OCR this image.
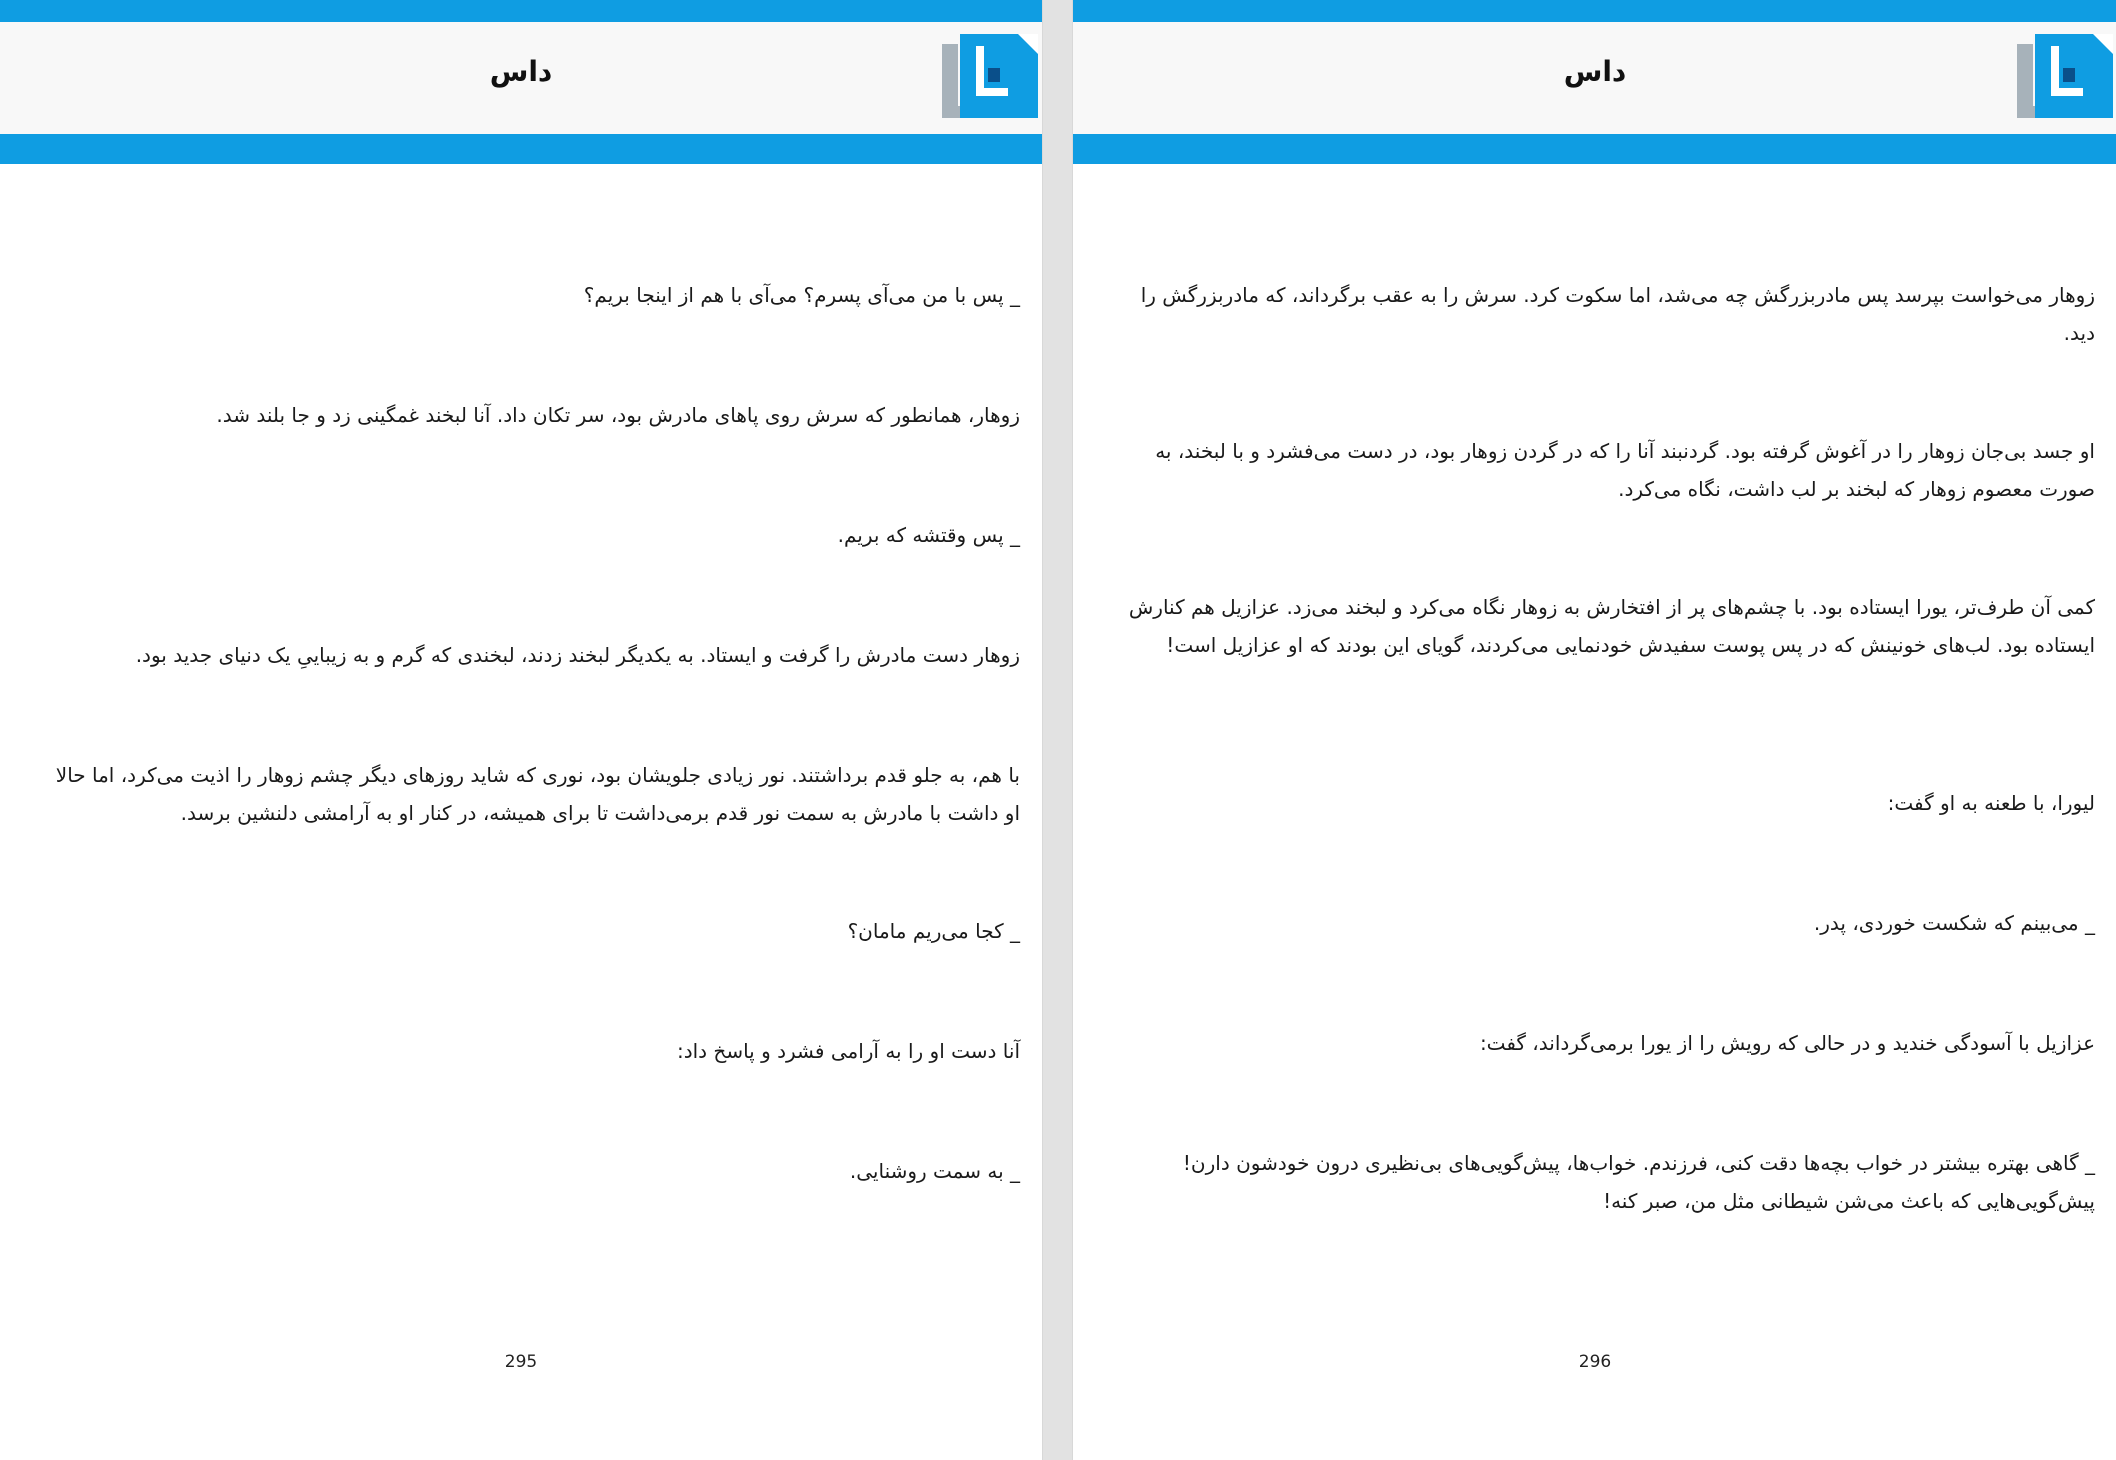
داس

_ پس با من می‌آی پسرم؟ می‌آی با هم از اینجا بریم؟

زوهار، همانطور که سرش روی پاهای مادرش بود، سر تکان داد. آنا لبخند غمگینی زد و جا بلند شد.

_ پس وقتشه که بریم.

زوهار دست مادرش را گرفت و ایستاد. به یکدیگر لبخند زدند، لبخندی که گرم و به زیباییِ یک دنیای جدید بود.

با هم، به جلو قدم برداشتند. نور زیادی جلویشان بود، نوری که شاید روزهای دیگر چشم زوهار را اذیت می‌کرد، اما حالا او داشت با مادرش به سمت نور قدم برمی‌داشت تا برای همیشه، در کنار او به آرامشی دلنشین برسد.

_ کجا می‌ریم مامان؟

آنا دست او را به آرامی فشرد و پاسخ داد:

_ به سمت روشنایی.

295
داس

زوهار می‌خواست بپرسد پس مادربزرگش چه می‌شد، اما سکوت کرد. سرش را به عقب برگرداند، که مادربزرگش را دید.

او جسد بی‌جان زوهار را در آغوش گرفته بود. گردنبند آنا را که در گردن زوهار بود، در دست می‌فشرد و با لبخند، به صورت معصوم زوهار که لبخند بر لب داشت، نگاه می‌کرد.

کمی آن طرف‌تر، یورا ایستاده بود. با چشم‌های پر از افتخارش به زوهار نگاه می‌کرد و لبخند می‌زد. عزازیل هم کنارش ایستاده بود. لب‌های خونینش که در پس پوست سفیدش خودنمایی می‌کردند، گویای این بودند که او عزازیل است!

لیورا، با طعنه به او گفت:

_ می‌بینم که شکست خوردی، پدر.

عزازیل با آسودگی خندید و در حالی که رویش را از یورا برمی‌گرداند، گفت:

_ گاهی بهتره بیشتر در خواب بچه‌ها دقت کنی، فرزندم. خواب‌ها، پیش‌گویی‌های بی‌نظیری درون خودشون دارن! پیش‌گویی‌هایی که باعث می‌شن شیطانی مثل من، صبر کنه!

296
